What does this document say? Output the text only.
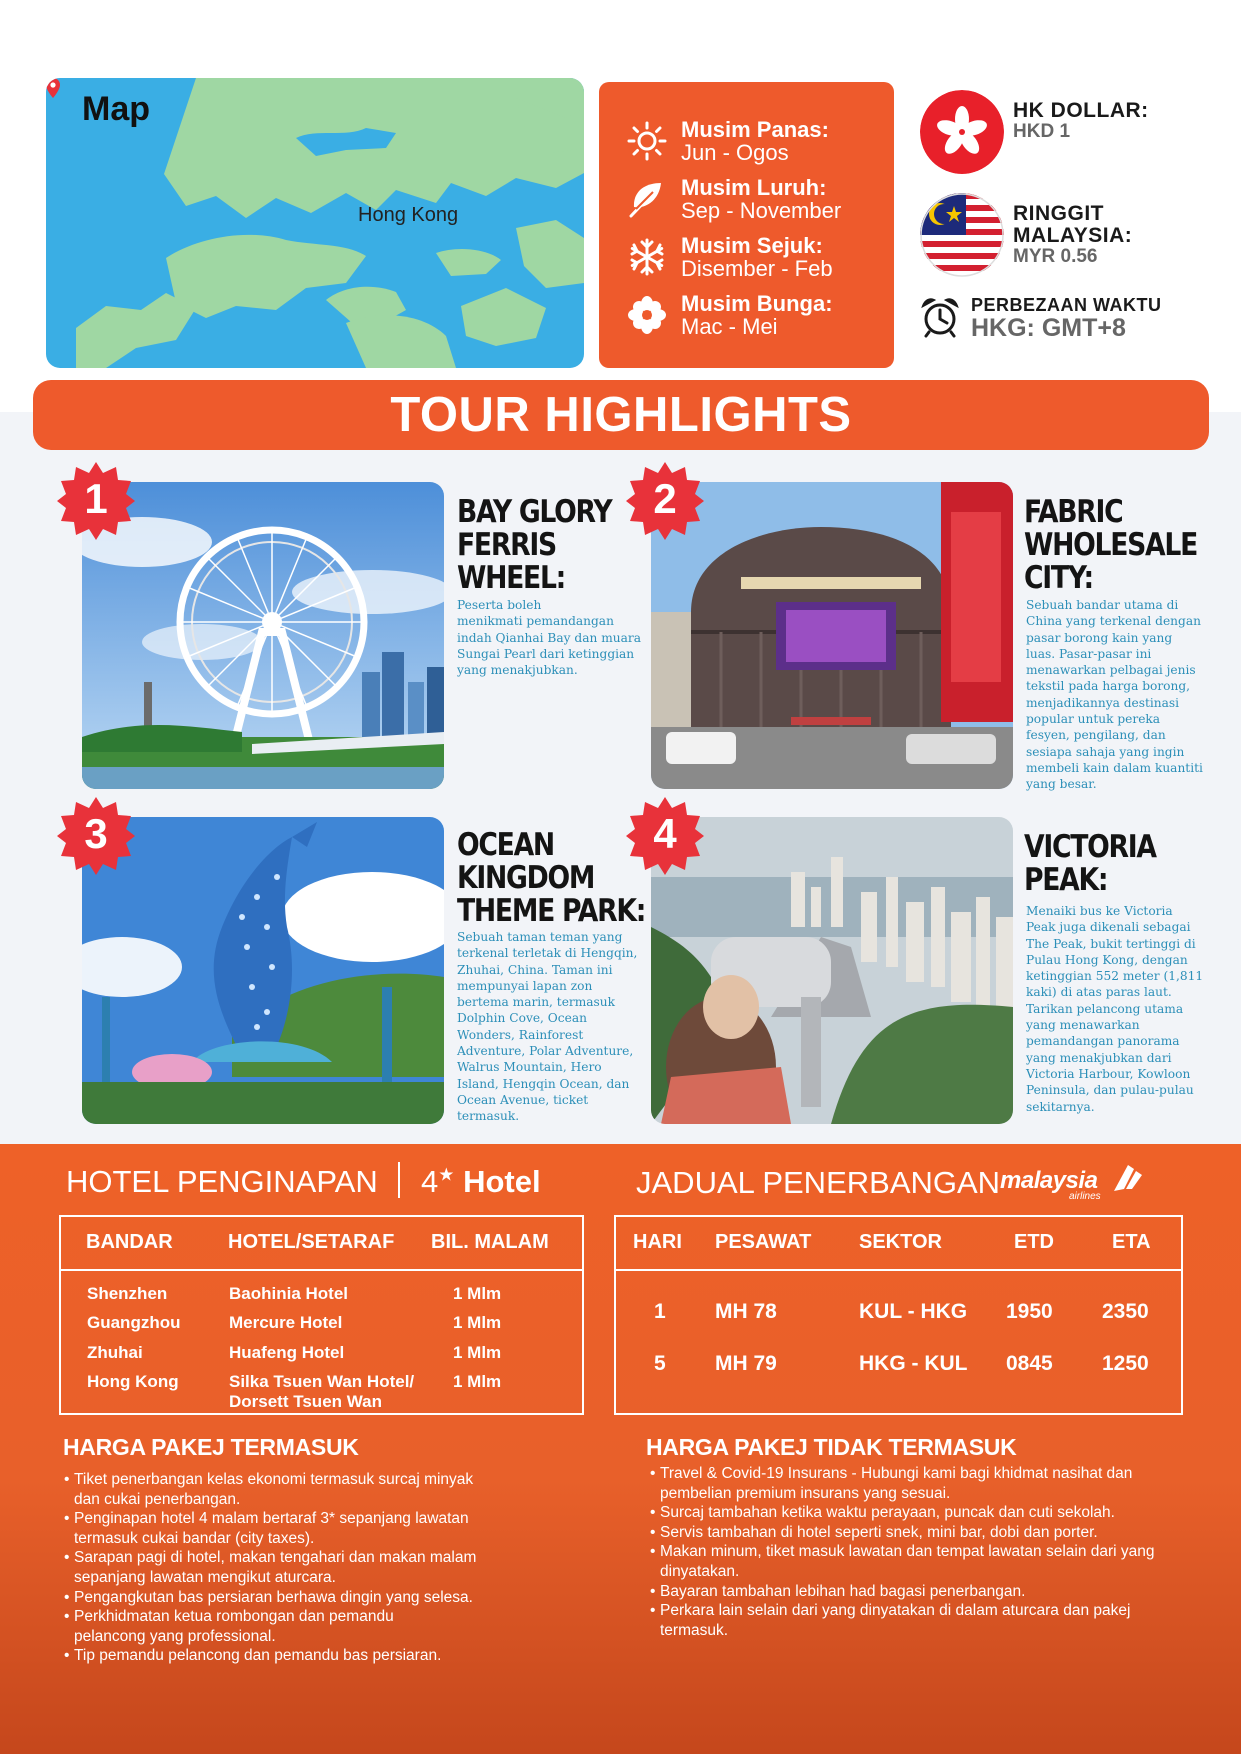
Map
Hong Kong
Musim Panas:
Jun - Ogos
Musim Luruh:
Sep - November
Musim Sejuk:
Disember - Feb
Musim Bunga:
Mac - Mei
HK DOLLAR:
HKD 1
RINGGIT
MALAYSIA:
MYR 0.56
PERBEZAAN WAKTU
HKG: GMT+8
TOUR HIGHLIGHTS
1	BAY GLORY
FERRIS
WHEEL:
Peserta boleh
menikmati pemandangan
indah Qianhai Bay dan muara
Sungai Pearl dari ketinggian
yang menakjubkan.
2	FABRIC
WHOLESALE
CITY:
Sebuah bandar utama di
China yang terkenal dengan
pasar borong kain yang
luas. Pasar-pasar ini
menawarkan pelbagai jenis
tekstil pada harga borong,
menjadikannya destinasi
popular untuk pereka
fesyen, pengilang, dan
sesiapa sahaja yang ingin
membeli kain dalam kuantiti
yang besar.
3	OCEAN
KINGDOM
THEME PARK:
Sebuah taman teman yang
terkenal terletak di Hengqin,
Zhuhai, China. Taman ini
mempunyai lapan zon
bertema marin, termasuk
Dolphin Cove, Ocean
Wonders, Rainforest
Adventure, Polar Adventure,
Walrus Mountain, Hero
Island, Hengqin Ocean, dan
Ocean Avenue, ticket
termasuk.
4	VICTORIA
PEAK:
Menaiki bus ke Victoria
Peak juga dikenali sebagai
The Peak, bukit tertinggi di
Pulau Hong Kong, dengan
ketinggian 552 meter (1,811
kaki) di atas paras laut.
Tarikan pelancong utama
yang menawarkan
pemandangan panorama
yang menakjubkan dari
Victoria Harbour, Kowloon
Peninsula, dan pulau-pulau
sekitarnya.
HOTEL PENGINAPAN 4★ Hotel
BANDAR	HOTEL/SETARAF BIL. MALAM
Shenzhen	Baohinia Hotel	1 Mlm
Guangzhou	Mercure Hotel	1 Mlm
Zhuhai	Huafeng Hotel	1 Mlm
Hong Kong	Silka Tsuen Wan Hotel/
Dorsett Tsuen Wan
1 Mlm
JADUAL PENERBANGAN malaysia
airlines
HARI PESAWAT SEKTOR	ETD	ETA
1 MH 78	KUL - HKG 1950 2350
5 MH 79	HKG - KUL 0845 1250
HARGA PAKEJ TERMASUK
• Tiket penerbangan kelas ekonomi termasuk surcaj minyak
dan cukai penerbangan.
• Penginapan hotel 4 malam bertaraf 3* sepanjang lawatan
termasuk cukai bandar (city taxes).
• Sarapan pagi di hotel, makan tengahari dan makan malam
sepanjang lawatan mengikut aturcara.
• Pengangkutan bas persiaran berhawa dingin yang selesa.
• Perkhidmatan ketua rombongan dan pemandu
pelancong yang professional.
• Tip pemandu pelancong dan pemandu bas persiaran.
HARGA PAKEJ TIDAK TERMASUK
• Travel & Covid-19 Insurans - Hubungi kami bagi khidmat nasihat dan
pembelian premium insurans yang sesuai.
• Surcaj tambahan ketika waktu perayaan, puncak dan cuti sekolah.
• Servis tambahan di hotel seperti snek, mini bar, dobi dan porter.
• Makan minum, tiket masuk lawatan dan tempat lawatan selain dari yang
dinyatakan.
• Bayaran tambahan lebihan had bagasi penerbangan.
• Perkara lain selain dari yang dinyatakan di dalam aturcara dan pakej
termasuk.
